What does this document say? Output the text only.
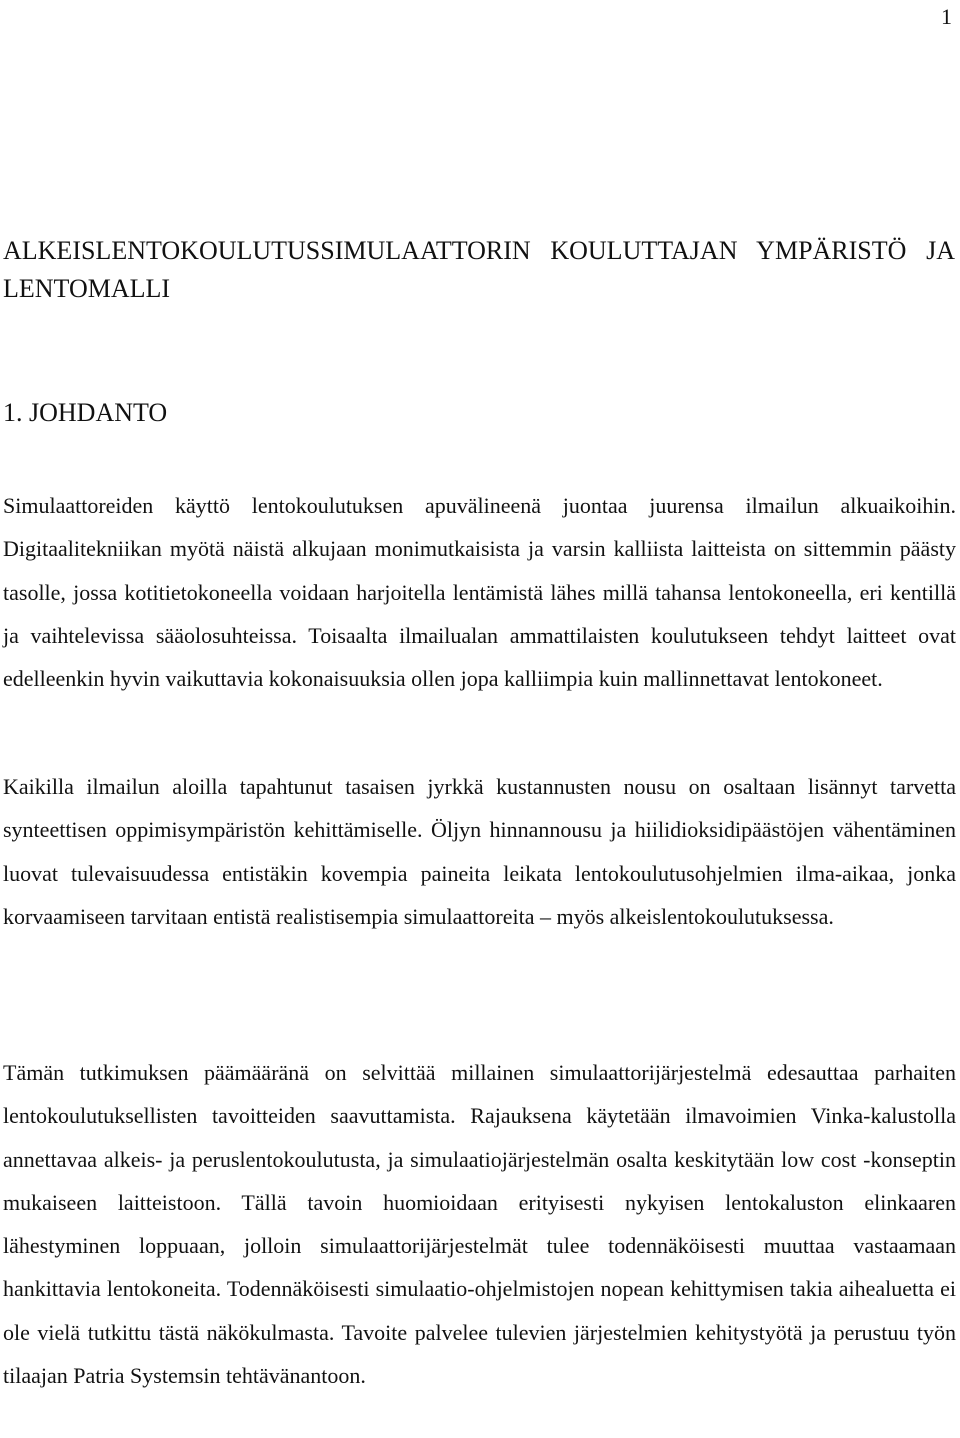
1
ALKEISLENTOKOULUTUSSIMULAATTORIN KOULUTTAJAN YMPÄRISTÖ JA LENTOMALLI
1. JOHDANTO

Simulaattoreiden käyttö lentokoulutuksen apuvälineenä juontaa juurensa ilmailun alkuaikoihin. Digitaalitekniikan myötä näistä alkujaan monimutkaisista ja varsin kalliista laitteista on sittemmin päästy tasolle, jossa kotitietokoneella voidaan harjoitella lentämistä lähes millä tahansa lentokoneella, eri kentillä ja vaihtelevissa sääolosuhteissa. Toisaalta ilmailualan ammattilaisten koulutukseen tehdyt laitteet ovat edelleenkin hyvin vaikuttavia kokonaisuuksia ollen jopa kalliimpia kuin mallinnettavat lentokoneet.

Kaikilla ilmailun aloilla tapahtunut tasaisen jyrkkä kustannusten nousu on osaltaan lisännyt tarvetta synteettisen oppimisympäristön kehittämiselle. Öljyn hinnannousu ja hiilidioksidipäästöjen vähentäminen luovat tulevaisuudessa entistäkin kovempia paineita leikata lentokoulutusohjelmien ilma-aikaa, jonka korvaamiseen tarvitaan entistä realistisempia simulaattoreita – myös alkeislentokoulutuksessa.

Tämän tutkimuksen päämääränä on selvittää millainen simulaattorijärjestelmä edesauttaa parhaiten lentokoulutuksellisten tavoitteiden saavuttamista. Rajauksena käytetään ilmavoimien Vinka-kalustolla annettavaa alkeis- ja peruslentokoulutusta, ja simulaatiojärjestelmän osalta keskitytään low cost -konseptin mukaiseen laitteistoon. Tällä tavoin huomioidaan erityisesti nykyisen lentokaluston elinkaaren lähestyminen loppuaan, jolloin simulaattorijärjestelmät tulee todennäköisesti muuttaa vastaamaan hankittavia lentokoneita. Todennäköisesti simulaatio-ohjelmistojen nopean kehittymisen takia aihealuetta ei ole vielä tutkittu tästä näkökulmasta. Tavoite palvelee tulevien järjestelmien kehitystyötä ja perustuu työn tilaajan Patria Systemsin tehtävänantoon.
